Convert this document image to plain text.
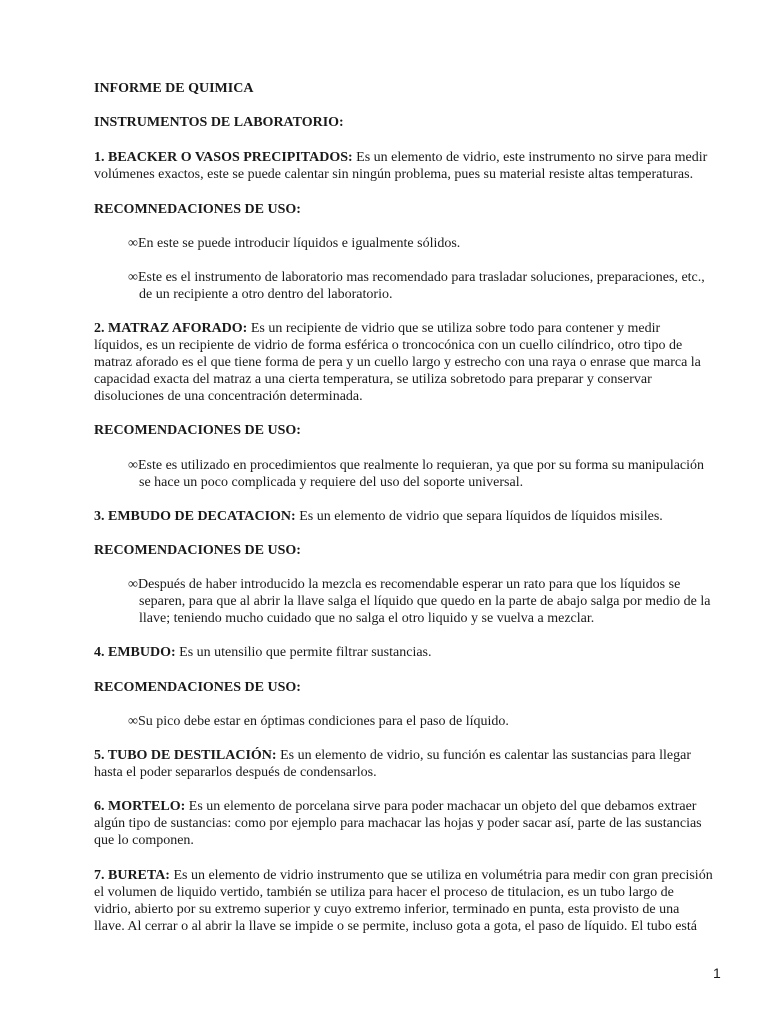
INFORME DE QUIMICA
INSTRUMENTOS DE LABORATORIO:
1. BEACKER O VASOS PRECIPITADOS: Es un elemento de vidrio, este instrumento no sirve para medir
volúmenes exactos, este se puede calentar sin ningún problema, pues su material resiste altas temperaturas.
RECOMNEDACIONES DE USO:
∞En este se puede introducir líquidos e igualmente sólidos.
∞Este es el instrumento de laboratorio mas recomendado para trasladar soluciones, preparaciones, etc.,
de un recipiente a otro dentro del laboratorio.
2. MATRAZ AFORADO: Es un recipiente de vidrio que se utiliza sobre todo para contener y medir
líquidos, es un recipiente de vidrio de forma esférica o troncocónica con un cuello cilíndrico, otro tipo de
matraz aforado es el que tiene forma de pera y un cuello largo y estrecho con una raya o enrase que marca la
capacidad exacta del matraz a una cierta temperatura, se utiliza sobretodo para preparar y conservar
disoluciones de una concentración determinada.
RECOMENDACIONES DE USO:
∞Este es utilizado en procedimientos que realmente lo requieran, ya que por su forma su manipulación
se hace un poco complicada y requiere del uso del soporte universal.
3. EMBUDO DE DECATACION: Es un elemento de vidrio que separa líquidos de líquidos misiles.
RECOMENDACIONES DE USO:
∞Después de haber introducido la mezcla es recomendable esperar un rato para que los líquidos se
separen, para que al abrir la llave salga el líquido que quedo en la parte de abajo salga por medio de la
llave; teniendo mucho cuidado que no salga el otro liquido y se vuelva a mezclar.
4. EMBUDO: Es un utensilio que permite filtrar sustancias.
RECOMENDACIONES DE USO:
∞Su pico debe estar en óptimas condiciones para el paso de líquido.
5. TUBO DE DESTILACIÓN: Es un elemento de vidrio, su función es calentar las sustancias para llegar
hasta el poder separarlos después de condensarlos.
6. MORTELO: Es un elemento de porcelana sirve para poder machacar un objeto del que debamos extraer
algún tipo de sustancias: como por ejemplo para machacar las hojas y poder sacar así, parte de las sustancias
que lo componen.
7. BURETA: Es un elemento de vidrio instrumento que se utiliza en volumétria para medir con gran precisión
el volumen de liquido vertido, también se utiliza para hacer el proceso de titulacion, es un tubo largo de
vidrio, abierto por su extremo superior y cuyo extremo inferior, terminado en punta, esta provisto de una
llave. Al cerrar o al abrir la llave se impide o se permite, incluso gota a gota, el paso de líquido. El tubo está
1
